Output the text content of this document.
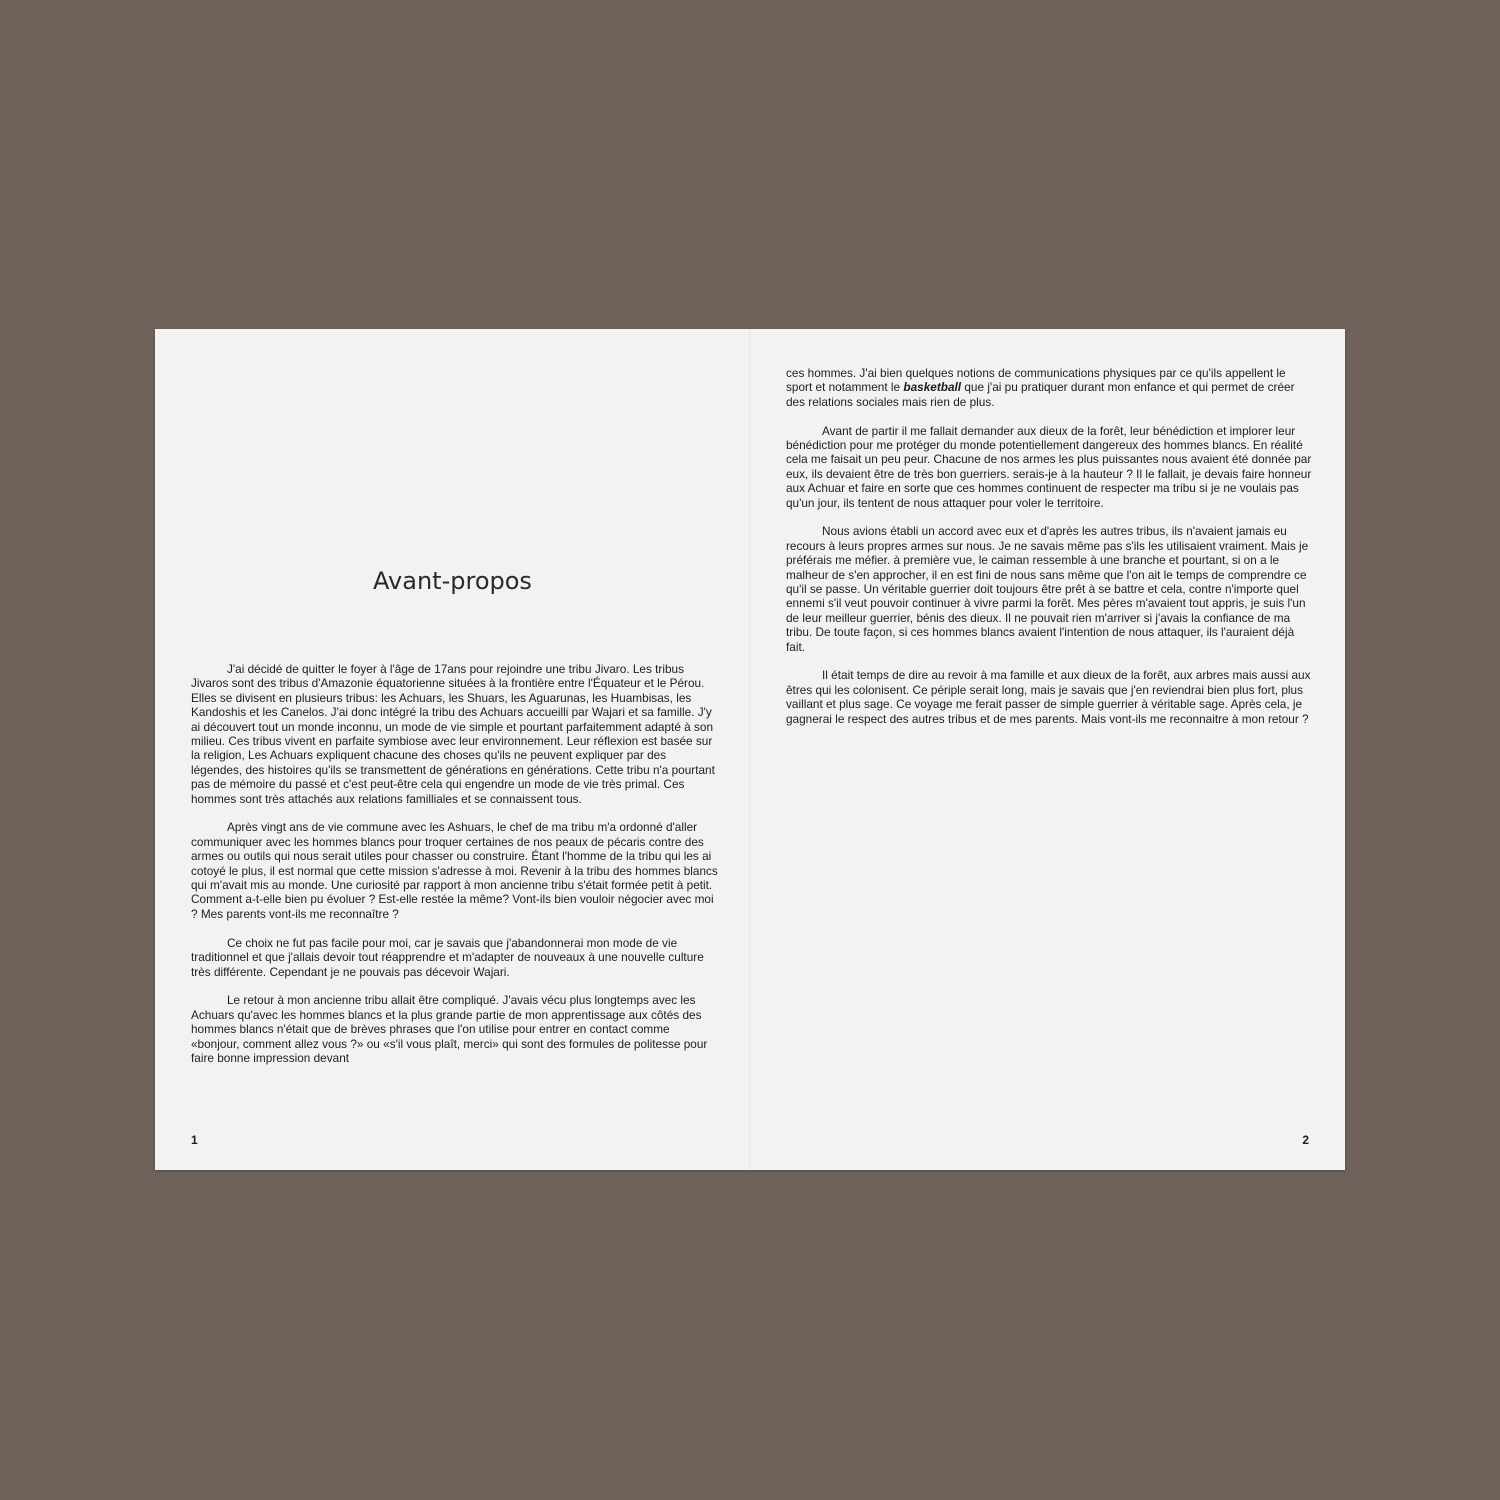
Avant-propos

J'ai décidé de quitter le foyer à l'âge de 17ans pour rejoindre une tribu Jivaro. Les tribus Jivaros sont des tribus d'Amazonie équatorienne situées à la frontière entre l'Équateur et le Pérou. Elles se divisent en plusieurs tribus: les Achuars, les Shuars, les Aguarunas, les Huambisas, les Kandoshis et les Canelos. J'ai donc intégré la tribu des Achuars accueilli par Wajari et sa famille. J'y ai découvert tout un monde inconnu, un mode de vie simple et pourtant parfaitemment adapté à son milieu. Ces tribus vivent en parfaite symbiose avec leur environnement. Leur réflexion est basée sur la religion, Les Achuars expliquent chacune des choses qu'ils ne peuvent expliquer par des légendes, des histoires qu'ils se transmettent de générations en générations. Cette tribu n'a pourtant pas de mémoire du passé et c'est peut-être cela qui engendre un mode de vie très primal. Ces hommes sont très attachés aux relations familliales et se connaissent tous.

Après vingt ans de vie commune avec les Ashuars, le chef de ma tribu m'a ordonné d'aller communiquer avec les hommes blancs pour troquer certaines de nos peaux de pécaris contre des armes ou outils qui nous serait utiles pour chasser ou construire. Étant l'homme de la tribu qui les ai cotoyé le plus, il est normal que cette mission s'adresse à moi. Revenir à la tribu des hommes blancs qui m'avait mis au monde. Une curiosité par rapport à mon ancienne tribu s'était formée petit à petit. Comment a-t-elle bien pu évoluer ? Est-elle restée la même? Vont-ils bien vouloir négocier avec moi ? Mes parents vont-ils me reconnaître ?

Ce choix ne fut pas facile pour moi, car je savais que j'abandonnerai mon mode de vie traditionnel et que j'allais devoir tout réapprendre et m'adapter de nouveaux à une nouvelle culture très différente. Cependant je ne pouvais pas décevoir Wajari.

Le retour à mon ancienne tribu allait être compliqué. J'avais vécu plus longtemps avec les Achuars qu'avec les hommes blancs et la plus grande partie de mon apprentissage aux côtés des hommes blancs n'était que de brèves phrases que l'on utilise pour entrer en contact comme «bonjour, comment allez vous ?» ou «s'il vous plaît, merci» qui sont des formules de politesse pour faire bonne impression devant

1

ces hommes. J'ai bien quelques notions de communications physiques par ce qu'ils appellent le sport et notamment le basketball que j'ai pu pratiquer durant mon enfance et qui permet de créer des relations sociales mais rien de plus.

Avant de partir il me fallait demander aux dieux de la forêt, leur bénédiction et implorer leur bénédiction pour me protéger du monde potentiellement dangereux des hommes blancs. En réalité cela me faisait un peu peur. Chacune de nos armes les plus puissantes nous avaient été donnée par eux, ils devaient être de très bon guerriers. serais-je à la hauteur ? Il le fallait, je devais faire honneur aux Achuar et faire en sorte que ces hommes continuent de respecter ma tribu si je ne voulais pas qu'un jour, ils tentent de nous attaquer pour voler le territoire.

Nous avions établi un accord avec eux et d'après les autres tribus, ils n'avaient jamais eu recours à leurs propres armes sur nous. Je ne savais même pas s'ils les utilisaient vraiment. Mais je préférais me méfier. à première vue, le caiman ressemble à une branche et pourtant, si on a le malheur de s'en approcher, il en est fini de nous sans même que l'on ait le temps de comprendre ce qu'il se passe. Un véritable guerrier doit toujours être prêt à se battre et cela, contre n'importe quel ennemi s'il veut pouvoir continuer à vivre parmi la forêt. Mes pères m'avaient tout appris, je suis l'un de leur meilleur guerrier, bénis des dieux. Il ne pouvait rien m'arriver si j'avais la confiance de ma tribu. De toute façon, si ces hommes blancs avaient l'intention de nous attaquer, ils l'auraient déjà fait.

Il était temps de dire au revoir à ma famille et aux dieux de la forêt, aux arbres mais aussi aux êtres qui les colonisent. Ce périple serait long, mais je savais que j'en reviendrai bien plus fort, plus vaillant et plus sage. Ce voyage me ferait passer de simple guerrier à véritable sage. Après cela, je gagnerai le respect des autres tribus et de mes parents. Mais vont-ils me reconnaitre à mon retour ?

2
